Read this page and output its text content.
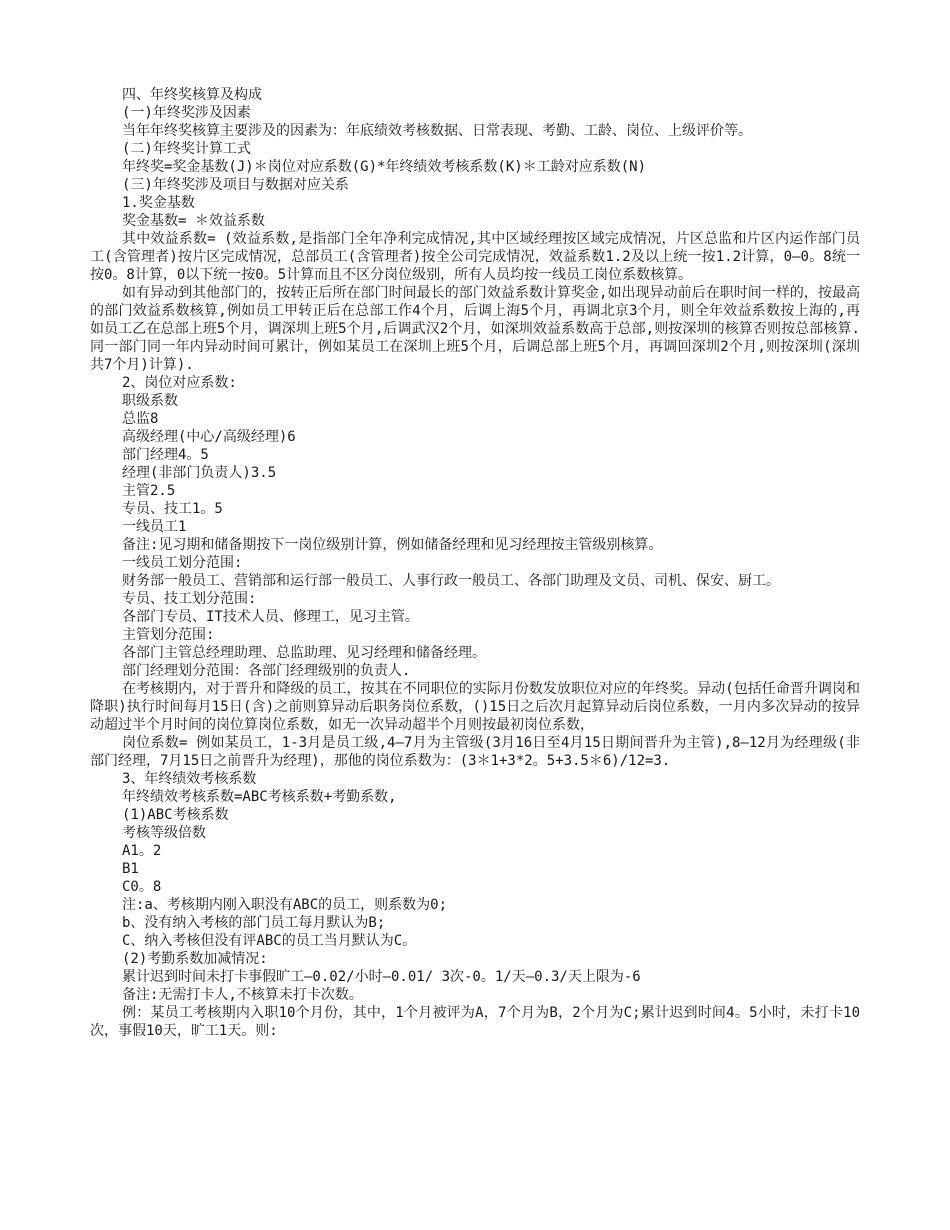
四、年终奖核算及构成
(一)年终奖涉及因素
当年年终奖核算主要涉及的因素为：年底绩效考核数据、日常表现、考勤、工龄、岗位、上级评价等。
(二)年终奖计算工式
年终奖=奖金基数(J)＊岗位对应系数(G)*年终绩效考核系数(K)＊工龄对应系数(N)
(三)年终奖涉及项目与数据对应关系
1.奖金基数
奖金基数= ＊效益系数
其中效益系数= (效益系数,是指部门全年净利完成情况,其中区域经理按区域完成情况，片区总监和片区内运作部门员工(含管理者)按片区完成情况，总部员工(含管理者)按全公司完成情况，效益系数1.2及以上统一按1.2计算，0—0。8统一按0。8计算，0以下统一按0。5计算而且不区分岗位级别，所有人员均按一线员工岗位系数核算。
如有异动到其他部门的，按转正后所在部门时间最长的部门效益系数计算奖金,如出现异动前后在职时间一样的，按最高的部门效益系数核算,例如员工甲转正后在总部工作4个月，后调上海5个月，再调北京3个月，则全年效益系数按上海的,再如员工乙在总部上班5个月，调深圳上班5个月,后调武汉2个月，如深圳效益系数高于总部,则按深圳的核算否则按总部核算.同一部门同一年内异动时间可累计，例如某员工在深圳上班5个月，后调总部上班5个月，再调回深圳2个月,则按深圳(深圳共7个月)计算).
2、岗位对应系数:
职级系数
总监8
高级经理(中心/高级经理)6
部门经理4。5
经理(非部门负责人)3.5
主管2.5
专员、技工1。5
一线员工1
备注:见习期和储备期按下一岗位级别计算，例如储备经理和见习经理按主管级别核算。
一线员工划分范围:
财务部一般员工、营销部和运行部一般员工、人事行政一般员工、各部门助理及文员、司机、保安、厨工。
专员、技工划分范围:
各部门专员、IT技术人员、修理工，见习主管。
主管划分范围:
各部门主管总经理助理、总监助理、见习经理和储备经理。
部门经理划分范围：各部门经理级别的负责人.
在考核期内，对于晋升和降级的员工，按其在不同职位的实际月份数发放职位对应的年终奖。异动(包括任命晋升调岗和降职)执行时间每月15日(含)之前则算异动后职务岗位系数，()15日之后次月起算异动后岗位系数，一月内多次异动的按异动超过半个月时间的岗位算岗位系数，如无一次异动超半个月则按最初岗位系数，
岗位系数= 例如某员工，1-3月是员工级,4—7月为主管级(3月16日至4月15日期间晋升为主管),8—12月为经理级(非部门经理，7月15日之前晋升为经理)，那他的岗位系数为：(3＊1+3*2。5+3.5＊6)/12=3.
3、年终绩效考核系数
年终绩效考核系数=ABC考核系数+考勤系数,
(1)ABC考核系数
考核等级倍数
A1。2
B1
C0。8
注:a、考核期内刚入职没有ABC的员工，则系数为0;
b、没有纳入考核的部门员工每月默认为B;
C、纳入考核但没有评ABC的员工当月默认为C。
(2)考勤系数加减情况:
累计迟到时间未打卡事假旷工—0.02/小时—0.01/ 3次-0。1/天—0.3/天上限为-6
备注:无需打卡人,不核算未打卡次数。
例：某员工考核期内入职10个月份，其中，1个月被评为A，7个月为B，2个月为C;累计迟到时间4。5小时，未打卡10次，事假10天，旷工1天。则:
